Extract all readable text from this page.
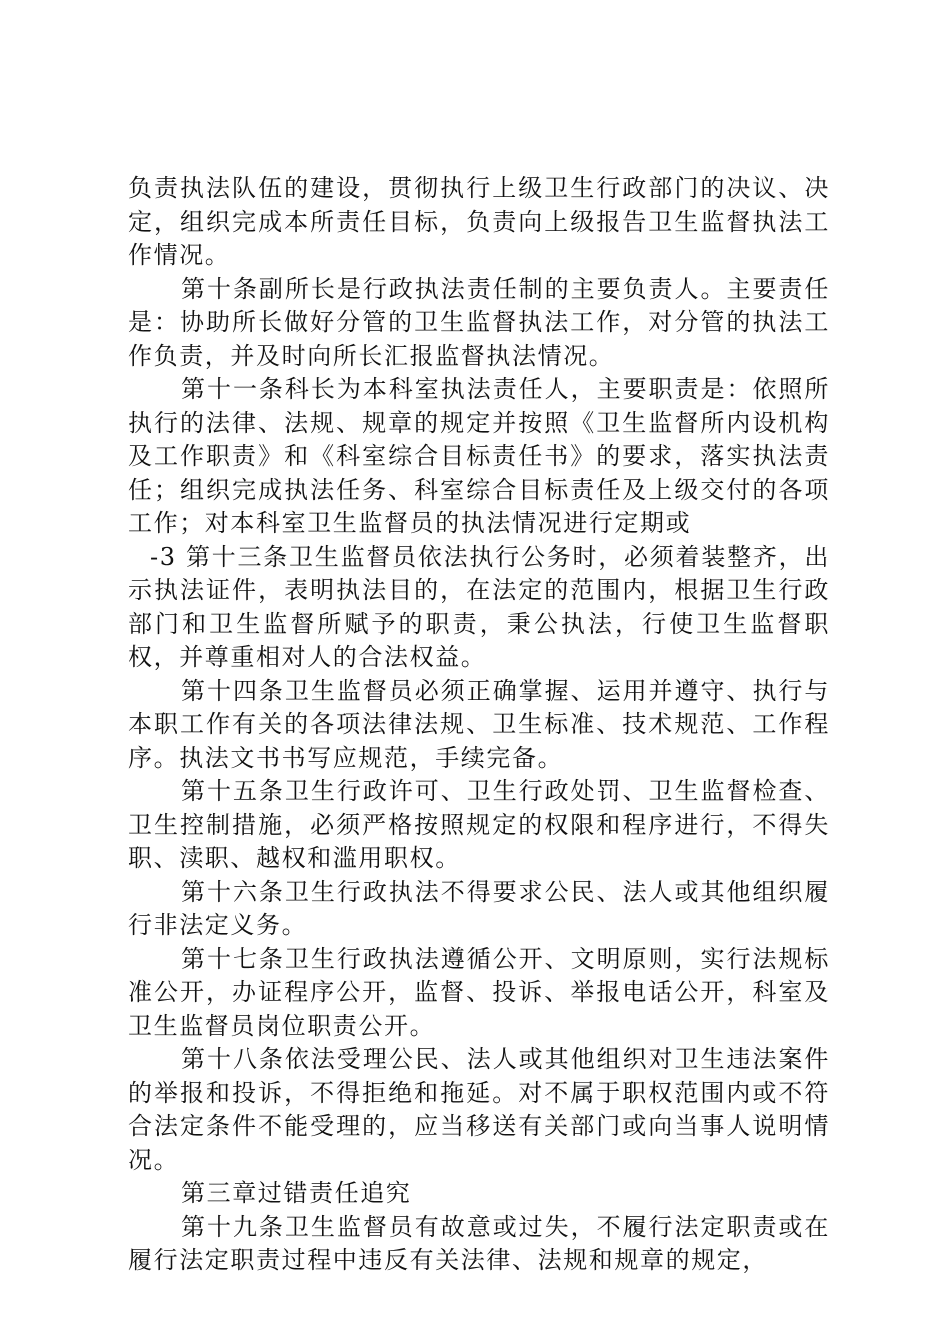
负责执法队伍的建设，贯彻执行上级卫生行政部门的决议、决定，组织完成本所责任目标，负责向上级报告卫生监督执法工作情况。

第十条副所长是行政执法责任制的主要负责人。主要责任是：协助所长做好分管的卫生监督执法工作，对分管的执法工作负责，并及时向所长汇报监督执法情况。

第十一条科长为本科室执法责任人，主要职责是：依照所执行的法律、法规、规章的规定并按照《卫生监督所内设机构及工作职责》和《科室综合目标责任书》的要求，落实执法责任；组织完成执法任务、科室综合目标责任及上级交付的各项工作；对本科室卫生监督员的执法情况进行定期或

-3 第十三条卫生监督员依法执行公务时，必须着装整齐，出示执法证件，表明执法目的，在法定的范围内，根据卫生行政部门和卫生监督所赋予的职责，秉公执法，行使卫生监督职权，并尊重相对人的合法权益。

第十四条卫生监督员必须正确掌握、运用并遵守、执行与本职工作有关的各项法律法规、卫生标准、技术规范、工作程序。执法文书书写应规范，手续完备。

第十五条卫生行政许可、卫生行政处罚、卫生监督检查、卫生控制措施，必须严格按照规定的权限和程序进行，不得失职、渎职、越权和滥用职权。

第十六条卫生行政执法不得要求公民、法人或其他组织履行非法定义务。

第十七条卫生行政执法遵循公开、文明原则，实行法规标准公开，办证程序公开，监督、投诉、举报电话公开，科室及卫生监督员岗位职责公开。

第十八条依法受理公民、法人或其他组织对卫生违法案件的举报和投诉，不得拒绝和拖延。对不属于职权范围内或不符合法定条件不能受理的，应当移送有关部门或向当事人说明情况。

第三章过错责任追究

第十九条卫生监督员有故意或过失，不履行法定职责或在履行法定职责过程中违反有关法律、法规和规章的规定，
